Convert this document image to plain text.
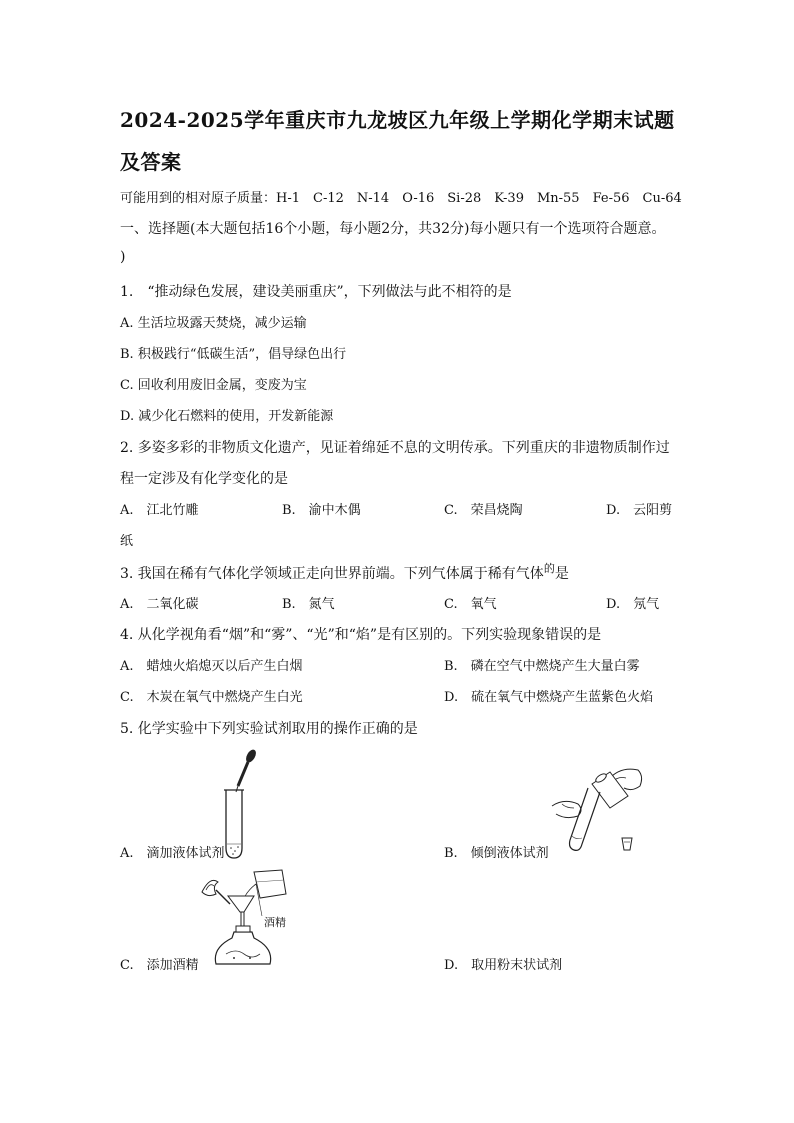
2024-2025学年重庆市九龙坡区九年级上学期化学期末试题
及答案
可能用到的相对原子质量：H-1　C-12　N-14　O-16　Si-28　K-39　Mn-55　Fe-56　Cu-64
一、选择题(本大题包括16个小题，每小题2分，共32分)每小题只有一个选项符合题意。
)
1.　“推动绿色发展，建设美丽重庆”，下列做法与此不相符的是
A. 生活垃圾露天焚烧，减少运输
B. 积极践行“低碳生活”，倡导绿色出行
C. 回收利用废旧金属，变废为宝
D. 减少化石燃料的使用，开发新能源
2. 多姿多彩的非物质文化遗产，见证着绵延不息的文明传承。下列重庆的非遗物质制作过
程一定涉及有化学变化的是
A.　江北竹雕	B.　渝中木偶	C.　荣昌烧陶	D.　云阳剪
纸
3. 我国在稀有气体化学领域正走向世界前端。下列气体属于稀有气体$^的$是
A.　二氧化碳	B.　氮气	C.　氧气	D.　氖气
4. 从化学视角看“烟”和“雾”、“光”和“焰”是有区别的。下列实验现象错误的是
A.　蜡烛火焰熄灭以后产生白烟	B.　磷在空气中燃烧产生大量白雾
C.　木炭在氧气中燃烧产生白光	D.　硫在氧气中燃烧产生蓝紫色火焰
5. 化学实验中下列实验试剂取用的操作正确的是
A.　滴加液体试剂	B.　倾倒液体试剂
酒精
C.　添加酒精	D.　取用粉末状试剂
